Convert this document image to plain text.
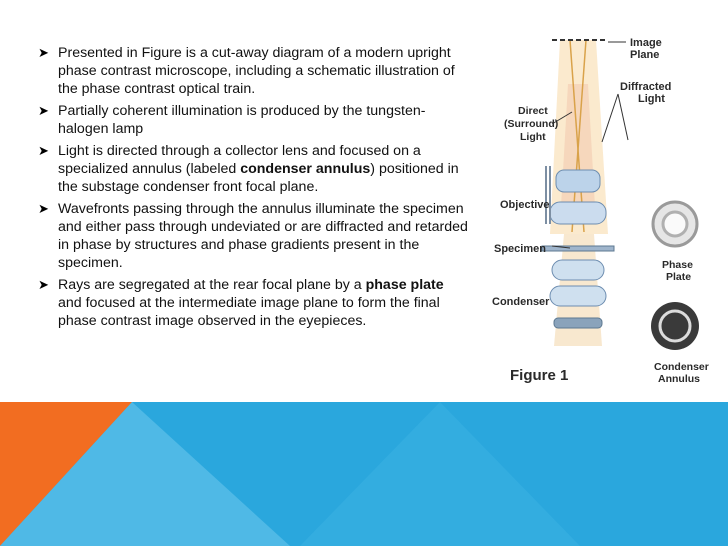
➤ Presented in Figure is a cut-away diagram of a modern upright phase contrast microscope, including a schematic illustration of the phase contrast optical train.
➤ Partially coherent illumination is produced by the tungsten-halogen lamp
➤ Light is directed through a collector lens and focused on a specialized annulus (labeled condenser annulus) positioned in the substage condenser front focal plane.
➤ Wavefronts passing through the annulus illuminate the specimen and either pass through undeviated or are diffracted and retarded in phase by structures and phase gradients present in the specimen.
➤ Rays are segregated at the rear focal plane by a phase plate and focused at the intermediate image plane to form the final phase contrast image observed in the eyepieces.
Image
Plane
Diffracted
Light
Direct
(Surround)
Light
Objective
Specimen
Condenser
Phase
Plate
Condenser
Annulus
Figure 1
